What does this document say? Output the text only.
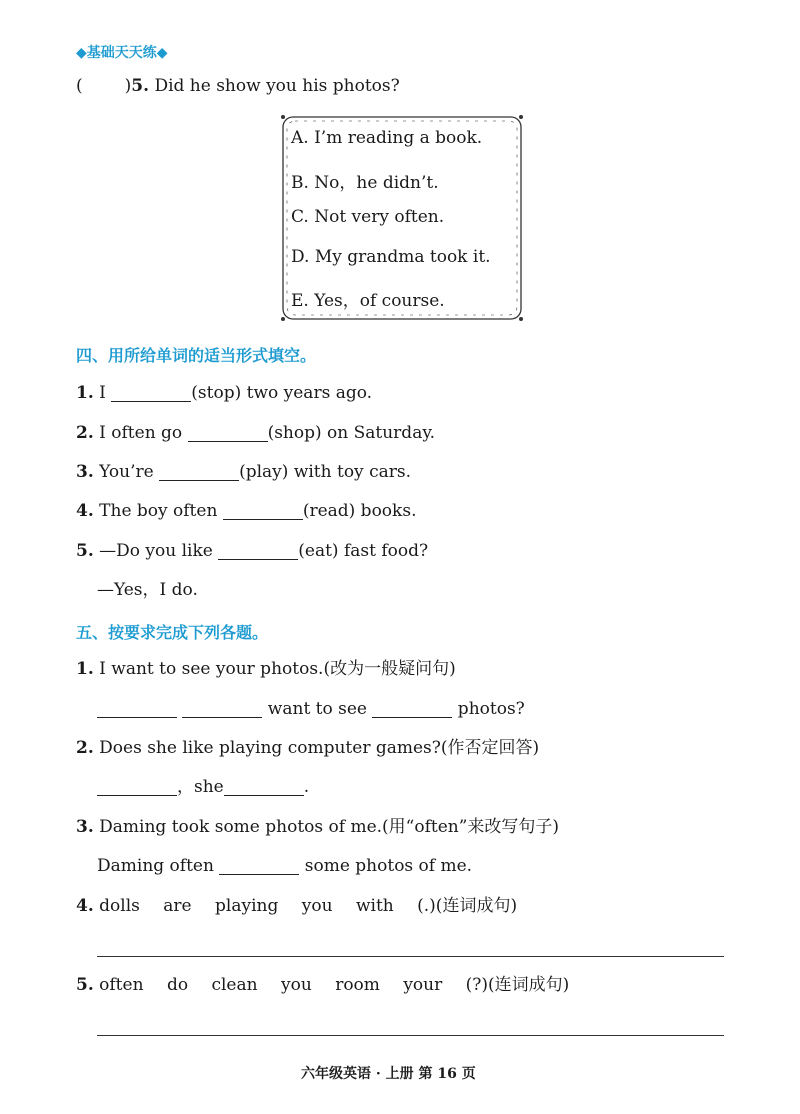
◆基础天天练◆
( )5. Did he show you his photos?
A. I’m reading a book.
B. No，he didn’t.
C. Not very often.
D. My grandma took it.
E. Yes，of course.
四、用所给单词的适当形式填空。
1. I	(stop) two years ago.
2. I often go	(shop) on Saturday.
3. You’re	(play) with toy cars.
4. The boy often	(read) books.
5. —Do you like	(eat) fast food?
—Yes，I do.
五、按要求完成下列各题。
1. I want to see your photos.(改为一般疑问句)
want to see	photos?
2. Does she like playing computer games?(作否定回答)
，she	.
3. Daming took some photos of me.(用“often”来改写句子)
Daming often	some photos of me.
4. dolls are playing you with (.)(连词成句)
5. often do clean you room your (?)(连词成句)
六年级英语 · 上册 第 16 页
